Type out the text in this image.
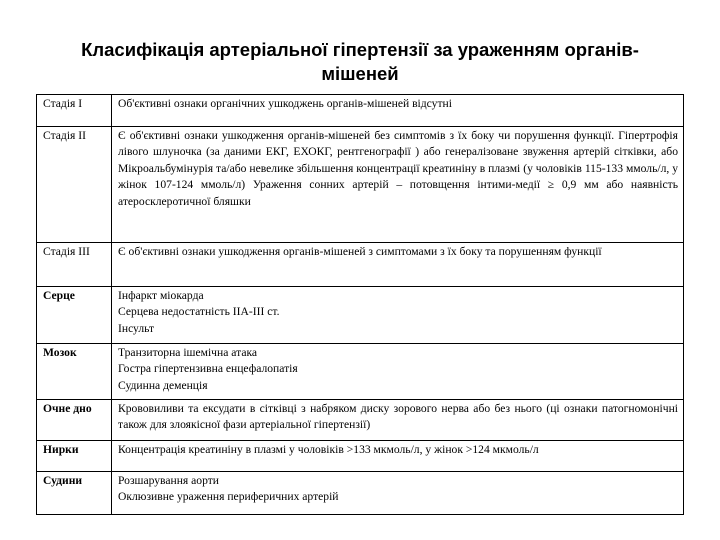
Класифікація артеріальної гіпертензії за ураженням органів-мішеней
Стадія I	Об'єктивні ознаки органічних ушкоджень органів-мішеней відсутні

Стадія II	Є об'єктивні ознаки ушкодження органів-мішеней без симптомів з їх боку чи порушення функції. Гіпертрофія лівого шлуночка (за даними ЕКГ, ЕХОКГ, рентгенографії ) або генералізоване звуження артерій сітківки, або Мікроальбумінурія та/або невелике збільшення концентрації креатиніну в плазмі (у чоловіків 115-133 ммоль/л, у жінок 107-124 ммоль/л) Ураження сонних артерій – потовщення інтими-медії ≥ 0,9 мм або наявність атеросклеротичної бляшки

Стадія III	Є об'єктивні ознаки ушкодження органів-мішеней з симптомами з їх боку та порушенням функції

Серце	Інфаркт міокарда
Серцева недостатність IIA-III ст.
Інсульт

Мозок	Транзиторна ішемічна атака
Гостра гіпертензивна енцефалопатія
Судинна деменція

Очне дно	Крововиливи та ексудати в сітківці з набряком диску зорового нерва або без нього (ці ознаки патогномонічні також для злоякісної фази артеріальної гіпертензії)

Нирки	Концентрація креатиніну в плазмі у чоловіків >133 мкмоль/л, у жінок >124 мкмоль/л

Судини	Розшарування аорти
Оклюзивне ураження периферичних артерій
